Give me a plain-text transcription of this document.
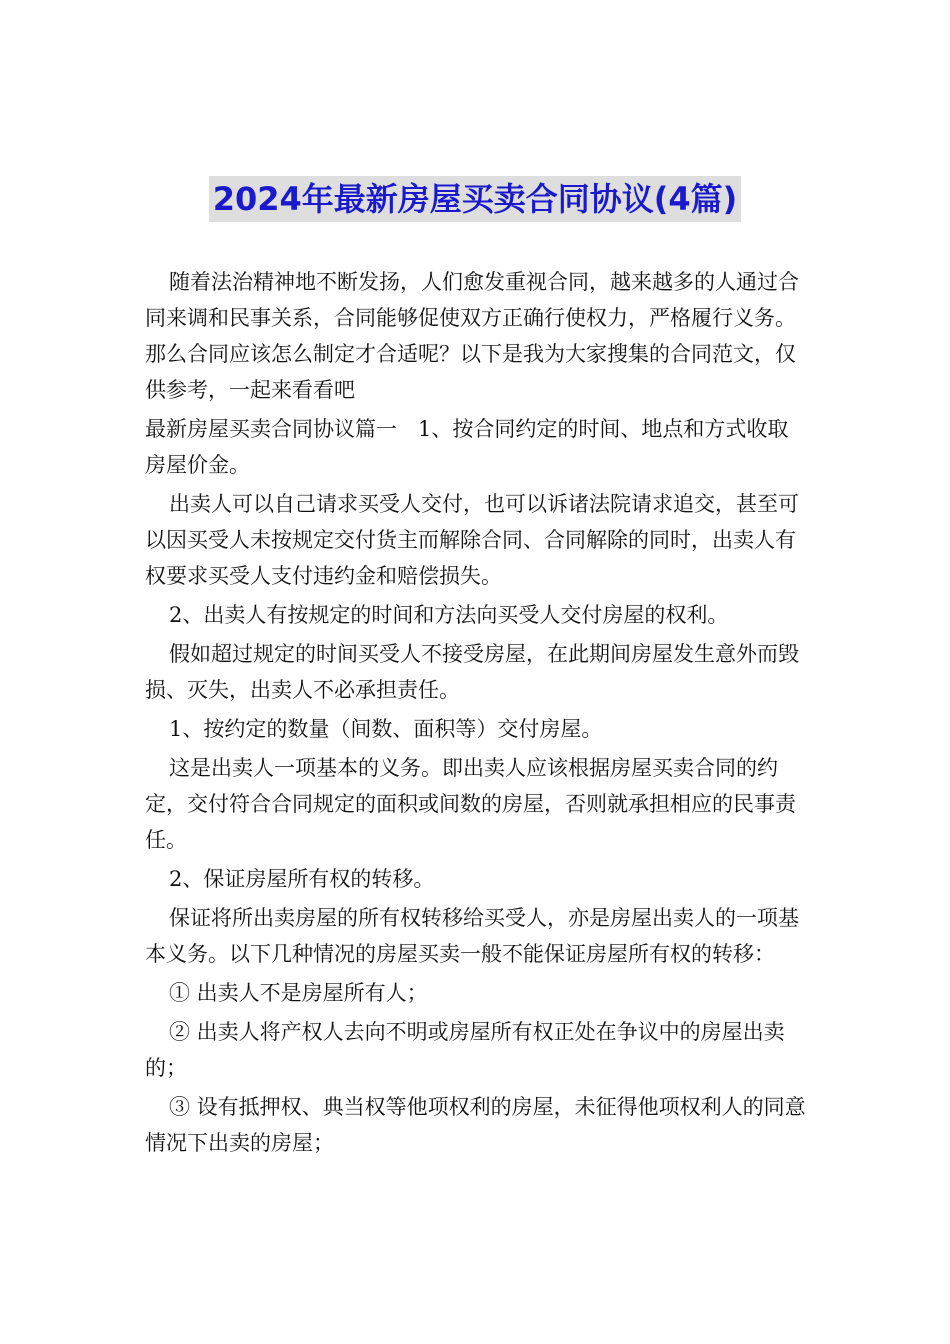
2024年最新房屋买卖合同协议(4篇)

随着法治精神地不断发扬，人们愈发重视合同，越来越多的人通过合同来调和民事关系，合同能够促使双方正确行使权力，严格履行义务。那么合同应该怎么制定才合适呢？以下是我为大家搜集的合同范文，仅供参考，一起来看看吧

最新房屋买卖合同协议篇一　1、按合同约定的时间、地点和方式收取房屋价金。

出卖人可以自己请求买受人交付，也可以诉诸法院请求追交，甚至可以因买受人未按规定交付货主而解除合同、合同解除的同时，出卖人有权要求买受人支付违约金和赔偿损失。

2、出卖人有按规定的时间和方法向买受人交付房屋的权利。

假如超过规定的时间买受人不接受房屋，在此期间房屋发生意外而毁损、灭失，出卖人不必承担责任。

1、按约定的数量（间数、面积等）交付房屋。

这是出卖人一项基本的义务。即出卖人应该根据房屋买卖合同的约定，交付符合合同规定的面积或间数的房屋，否则就承担相应的民事责任。

2、保证房屋所有权的转移。

保证将所出卖房屋的所有权转移给买受人，亦是房屋出卖人的一项基本义务。以下几种情况的房屋买卖一般不能保证房屋所有权的转移：

① 出卖人不是房屋所有人；

② 出卖人将产权人去向不明或房屋所有权正处在争议中的房屋出卖的；

③ 设有抵押权、典当权等他项权利的房屋，未征得他项权利人的同意情况下出卖的房屋；
